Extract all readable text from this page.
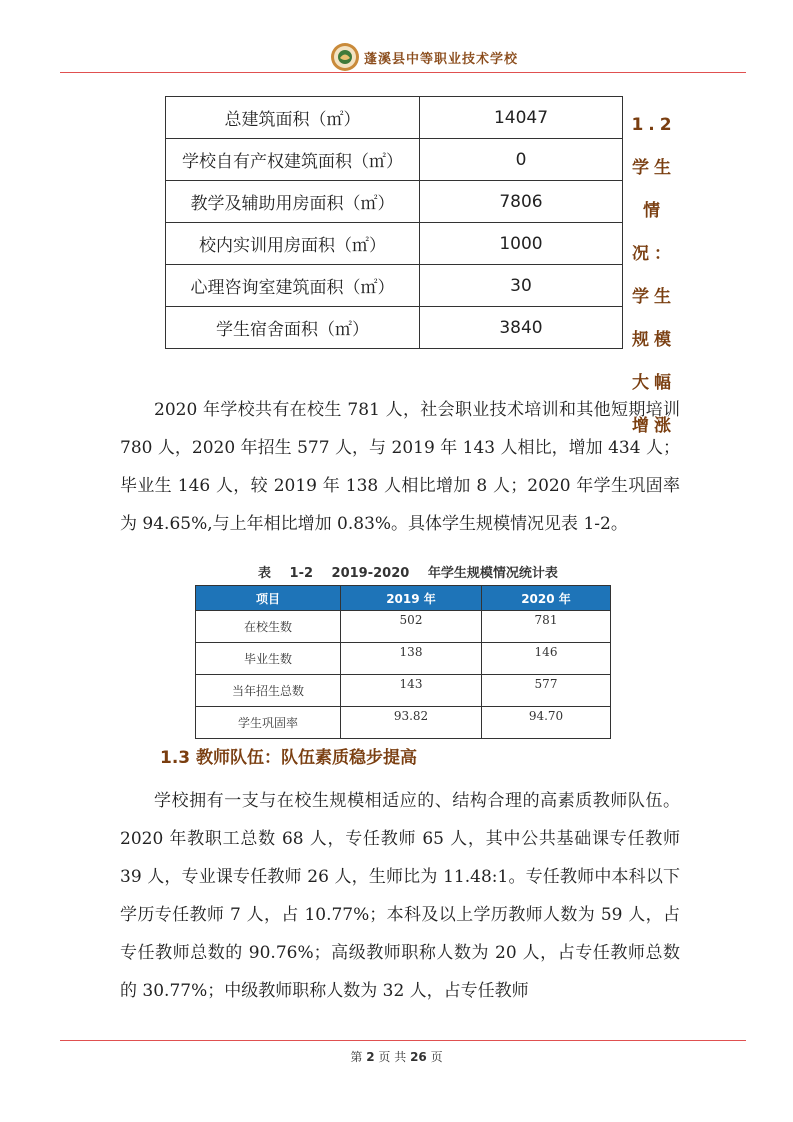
蓬溪县中等职业技术学校
总建筑面积（㎡）	14047
学校自有产权建筑面积（㎡）	0
教学及辅助用房面积（㎡）	7806
校内实训用房面积（㎡）	1000
心理咨询室建筑面积（㎡）	30
学生宿舍面积（㎡）	3840
1.2学生情况：学生规模大幅增涨

2020 年学校共有在校生 781 人，社会职业技术培训和其他短期培训 780 人，2020 年招生 577 人，与 2019 年 143 人相比，增加 434 人；毕业生 146 人，较 2019 年 138 人相比增加 8 人；2020 年学生巩固率为 94.65%,与上年相比增加 0.83%。具体学生规模情况见表 1-2。

表 1-2 2019-2020 年学生规模情况统计表
项目	2019 年	2020 年
在校生数	502	781
毕业生数	138	146
当年招生总数	143	577
学生巩固率	93.82	94.70
1.3 教师队伍：队伍素质稳步提高

学校拥有一支与在校生规模相适应的、结构合理的高素质教师队伍。2020 年教职工总数 68 人，专任教师 65 人，其中公共基础课专任教师 39 人，专业课专任教师 26 人，生师比为 11.48:1。专任教师中本科以下学历专任教师 7 人，占 10.77%；本科及以上学历教师人数为 59 人，占专任教师总数的 90.76%；高级教师职称人数为 20 人，占专任教师总数的 30.77%；中级教师职称人数为 32 人，占专任教师

第 2 页 共 26 页
